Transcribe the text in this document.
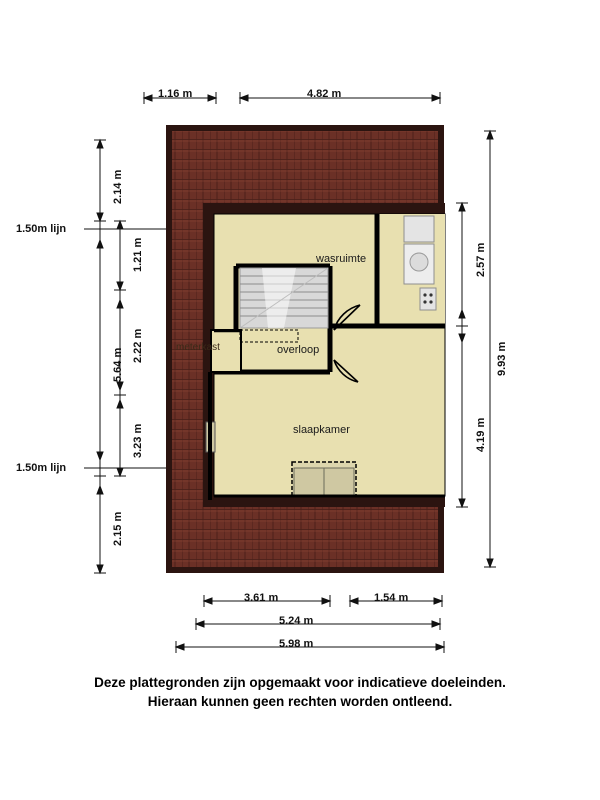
wasruimte
overloop
meterkast
slaapkamer
1.16 m	4.82 m
3.61 m	1.54 m
5.24 m
5.98 m
2.14 m
1.21 m
2.22 m
5.64 m
3.23 m
2.15 m
2.57 m
4.19 m
9.93 m
1.50m lijn
1.50m lijn
Deze plattegronden zijn opgemaakt voor indicatieve doeleinden.
Hieraan kunnen geen rechten worden ontleend.
